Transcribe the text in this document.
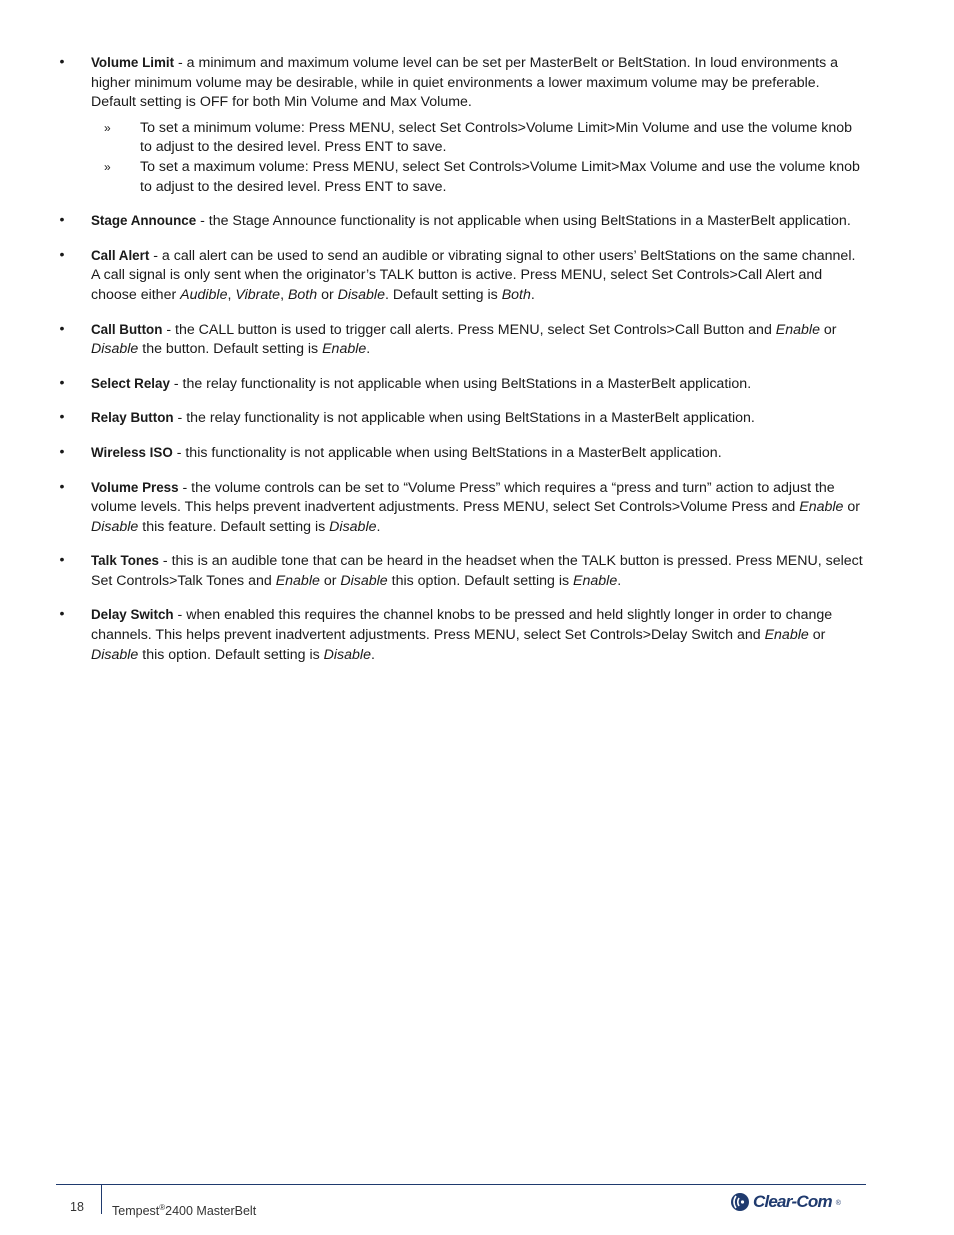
• Volume Limit - a minimum and maximum volume level can be set per MasterBelt or BeltStation. In loud environments a higher minimum volume may be desirable, while in quiet environments a lower maximum volume may be preferable. Default setting is OFF for both Min Volume and Max Volume.
» To set a minimum volume: Press MENU, select Set Controls>Volume Limit>Min Volume and use the volume knob to adjust to the desired level. Press ENT to save.
» To set a maximum volume: Press MENU, select Set Controls>Volume Limit>Max Volume and use the volume knob to adjust to the desired level. Press ENT to save.
• Stage Announce - the Stage Announce functionality is not applicable when using BeltStations in a MasterBelt application.
• Call Alert - a call alert can be used to send an audible or vibrating signal to other users’ BeltStations on the same channel. A call signal is only sent when the originator’s TALK button is active. Press MENU, select Set Controls>Call Alert and choose either Audible, Vibrate, Both or Disable. Default setting is Both.
• Call Button - the CALL button is used to trigger call alerts. Press MENU, select Set Controls>Call Button and Enable or Disable the button. Default setting is Enable.
• Select Relay - the relay functionality is not applicable when using BeltStations in a MasterBelt application.
• Relay Button - the relay functionality is not applicable when using BeltStations in a MasterBelt application.
• Wireless ISO - this functionality is not applicable when using BeltStations in a MasterBelt application.
• Volume Press - the volume controls can be set to “Volume Press” which requires a “press and turn” action to adjust the volume levels. This helps prevent inadvertent adjustments. Press MENU, select Set Controls>Volume Press and Enable or Disable this feature. Default setting is Disable.
• Talk Tones - this is an audible tone that can be heard in the headset when the TALK button is pressed. Press MENU, select Set Controls>Talk Tones and Enable or Disable this option. Default setting is Enable.
• Delay Switch - when enabled this requires the channel knobs to be pressed and held slightly longer in order to change channels. This helps prevent inadvertent adjustments. Press MENU, select Set Controls>Delay Switch and Enable or Disable this option. Default setting is Disable.
18 Tempest®2400 MasterBelt
Clear-Com ®
